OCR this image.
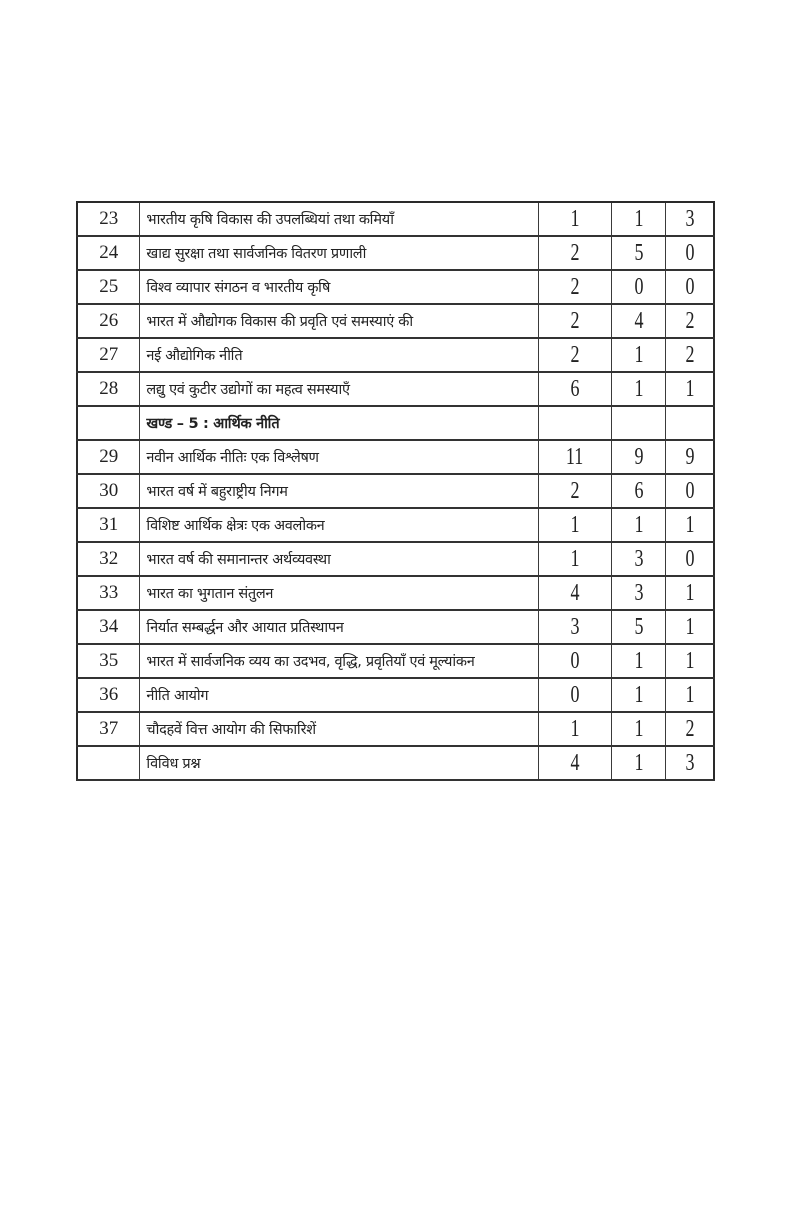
23	भारतीय कृषि विकास की उपलब्धियां तथा कमियाँ	1	1	3
24	खाद्य सुरक्षा तथा सार्वजनिक वितरण प्रणाली	2	5	0
25	विश्व व्यापार संगठन व भारतीय कृषि	2	0	0
26	भारत में औद्योगक विकास की प्रवृति एवं समस्याएं की	2	4	2
27	नई औद्योगिक नीति	2	1	2
28	लद्यु एवं कुटीर उद्योगों का महत्व समस्याएँ	6	1	1
	खण्ड – 5 : आर्थिक नीति			
29	नवीन आर्थिक नीतिः एक विश्लेषण	11	9	9
30	भारत वर्ष में बहुराष्ट्रीय निगम	2	6	0
31	विशिष्ट आर्थिक क्षेत्रः एक अवलोकन	1	1	1
32	भारत वर्ष की समानान्तर अर्थव्यवस्था	1	3	0
33	भारत का भुगतान संतुलन	4	3	1
34	निर्यात सम्बर्द्धन और आयात प्रतिस्थापन	3	5	1
35	भारत में सार्वजनिक व्यय का उदभव, वृद्धि, प्रवृतियाँ एवं मूल्यांकन	0	1	1
36	नीति आयोग	0	1	1
37	चौदहवें वित्त आयोग की सिफारिशें	1	1	2
	विविध प्रश्न	4	1	3
